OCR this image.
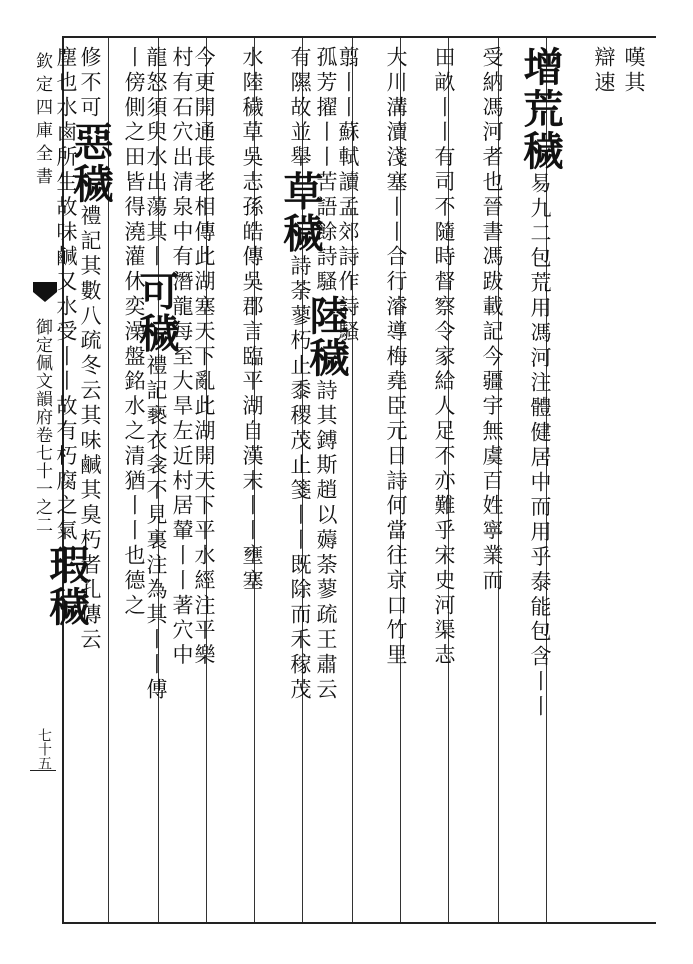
欽定四庫全書
御定佩文韻府卷七十一之二
七十五
嘆其
辯速
增荒穢易九二包荒用馮河注體健居中而用乎泰能包含丨丨
受納馮河者也晉書馮跋載記今疆宇無虞百姓寧業而
田畝丨丨有司不隨時督察令家給人足不亦難乎宋史河渠志
大川溝瀆淺塞丨丨合行濬導梅堯臣元日詩何當往京口竹里
翦丨丨蘇軾讀孟郊詩作詩騷
孤芳擢丨丨苦語餘詩騷陸穢詩其鎛斯趙以薅荼蓼疏王肅云
有隰故並舉草穢詩荼蓼朽止黍稷茂止箋丨丨既除而禾稼茂
水陸穢草吳志孫皓傳吳郡言臨平湖自漢末丨丨壅塞
今更開通長老相傳此湖塞天下亂此湖開天下平水經注平樂
村有石穴出清泉中有潛龍每至大旱左近村居輦丨丨著穴中
龍怒須臾水出蕩其丨可穢禮記褻衣衾不見裏注為其丨丨傅
丨傍側之田皆得澆灌休奕澡盤銘水之清猶丨丨也德之
修不可惡穢禮記其數八疏冬云其味鹹其臭朽者孔傳云
塵也水鹵所生故味鹹又水受丨丨故有朽腐之氣瑕穢
